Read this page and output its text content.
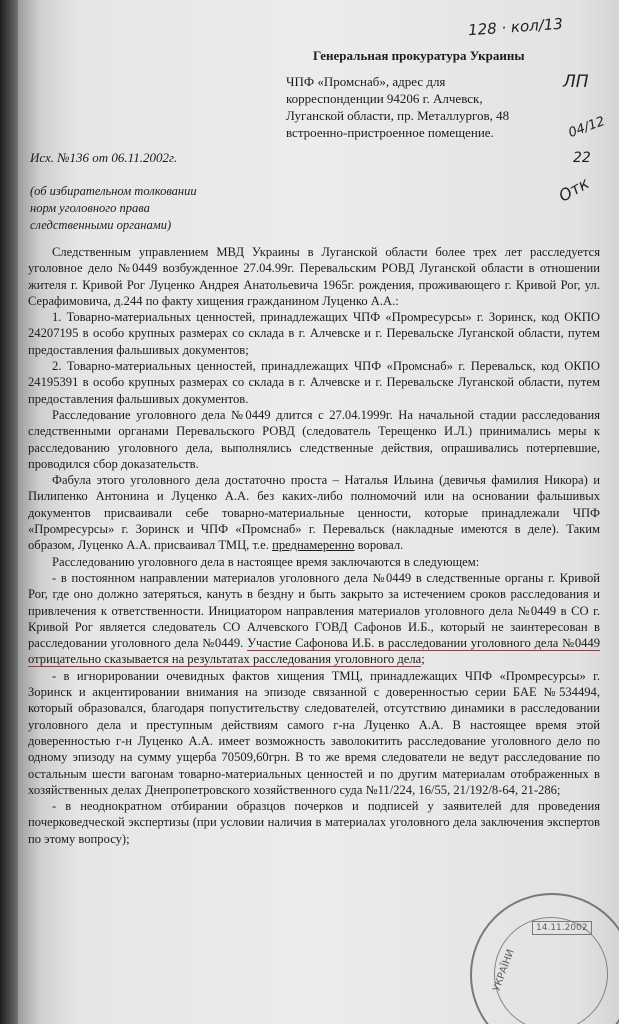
128 · кол/13
Генеральная прокуратура Украины
ЛП
04/12
22
Отк
ЧПФ «Промснаб», адрес для
корреспонденции 94206 г. Алчевск,
Луганской области, пр. Металлургов, 48
встроенно-пристроенное помещение.
Исх. №136 от 06.11.2002г.
(об избирательном толковании
норм уголовного права
следственными органами)

Следственным управлением МВД Украины в Луганской области более трех лет расследуется уголовное дело №0449 возбужденное 27.04.99г. Перевальским РОВД Луганской области в отношении жителя г. Кривой Рог Луценко Андрея Анатольевича 1965г. рождения, проживающего г. Кривой Рог, ул. Серафимовича, д.244 по факту хищения гражданином Луценко А.А.:

1. Товарно-материальных ценностей, принадлежащих ЧПФ «Промресурсы» г. Зоринск, код ОКПО 24207195 в особо крупных размерах со склада в г. Алчевске и г. Перевальске Луганской области, путем предоставления фальшивых документов;

2. Товарно-материальных ценностей, принадлежащих ЧПФ «Промснаб» г. Перевальск, код ОКПО 24195391 в особо крупных размерах со склада в г. Алчевске и г. Перевальске Луганской области, путем предоставления фальшивых документов.

Расследование уголовного дела №0449 длится с 27.04.1999г. На начальной стадии расследования следственными органами Перевальского РОВД (следователь Терещенко И.Л.) принимались меры к расследованию уголовного дела, выполнялись следственные действия, опрашивались потерпевшие, проводился сбор доказательств.

Фабула этого уголовного дела достаточно проста – Наталья Ильина (девичья фамилия Никора) и Пилипенко Антонина и Луценко А.А. без каких-либо полномочий или на основании фальшивых документов присваивали себе товарно-материальные ценности, которые принадлежали ЧПФ «Промресурсы» г. Зоринск и ЧПФ «Промснаб» г. Перевальск (накладные имеются в деле). Таким образом, Луценко А.А. присваивал ТМЦ, т.е. преднамеренно воровал.

Расследованию уголовного дела в настоящее время заключаются в следующем:

- в постоянном направлении материалов уголовного дела №0449 в следственные органы г. Кривой Рог, где оно должно затеряться, кануть в бездну и быть закрыто за истечением сроков расследования и привлечения к ответственности. Инициатором направления материалов уголовного дела №0449 в СО г. Кривой Рог является следователь СО Алчевского ГОВД Сафонов И.Б., который не заинтересован в расследовании уголовного дела №0449. Участие Сафонова И.Б. в расследовании уголовного дела №0449 отрицательно сказывается на результатах расследования уголовного дела;

- в игнорировании очевидных фактов хищения ТМЦ, принадлежащих ЧПФ «Промресурсы» г. Зоринск и акцентировании внимания на эпизоде связанной с доверенностью серии БАЕ №534494, который образовался, благодаря попустительству следователей, отсутствию динамики в расследовании уголовного дела и преступным действиям самого г-на Луценко А.А. В настоящее время этой доверенностью г-н Луценко А.А. имеет возможность заволокитить расследование уголовного дело по одному эпизоду на сумму ущерба 70509,60грн. В то же время следователи не ведут расследование по остальным шести вагонам товарно-материальных ценностей и по другим материалам отображенных в хозяйственных делах Днепропетровского хозяйственного суда №11/224, 16/55, 21/192/8-64, 21-286;

- в неоднократном отбирании образцов почерков и подписей у заявителей для проведения почерковедческой экспертизы (при условии наличия в материалах уголовного дела заключения экспертов по этому вопросу);

14.11.2002
УКРАЇНИ
